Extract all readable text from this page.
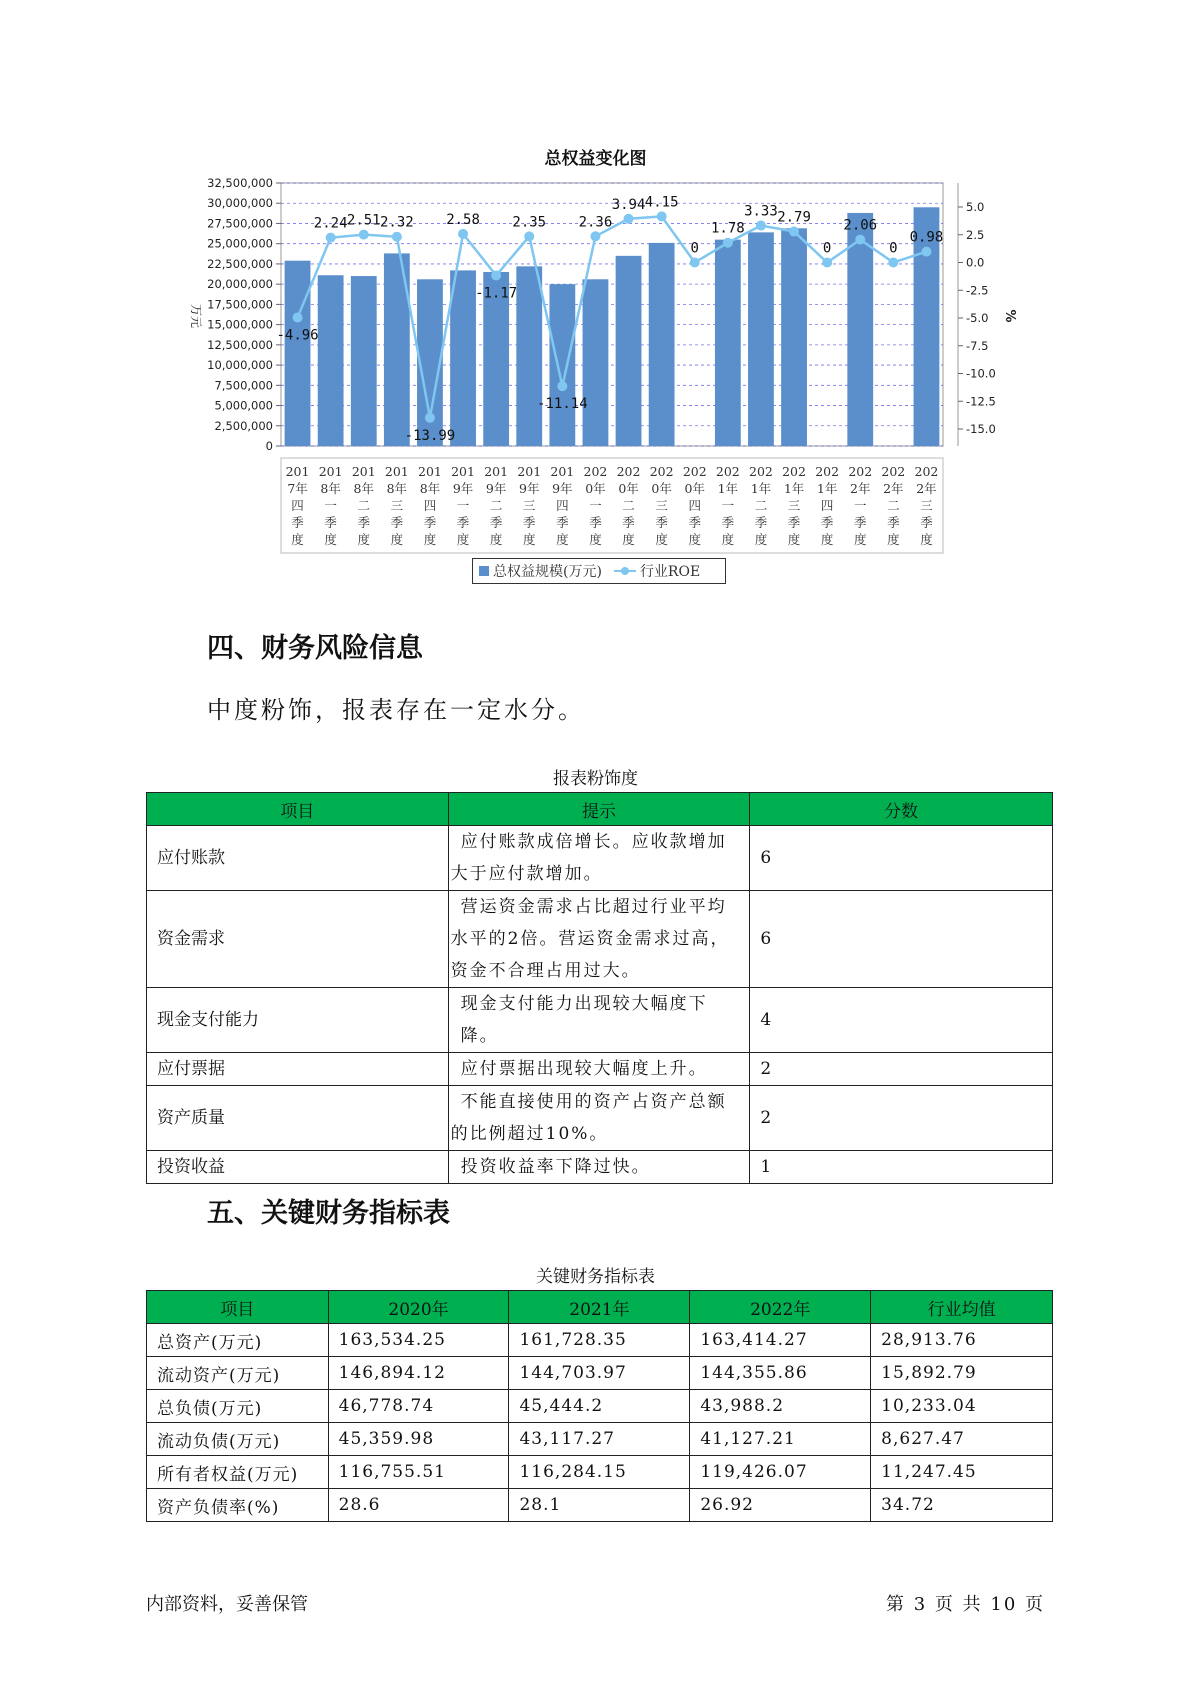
总权益变化图
0
2,500,000
5,000,000
7,500,000
10,000,000
12,500,000
15,000,000
17,500,000
20,000,000
22,500,000
25,000,000
27,500,000
30,000,000
32,500,000
5.0
2.5
0.0
-2.5
-5.0
-7.5
-10.0
-12.5
-15.0
万元	%
-4.96
2.24 2.51 2.32
-13.99
2.58
-1.17
2.35
-11.14
2.36
3.94 4.15
0
1.78
3.33 2.79
0
2.06
0
0.98
201
7年
四
季
度
201
8年
一
季
度
201
8年
二
季
度
201
8年
三
季
度
201
8年
四
季
度
201
9年
一
季
度
201
9年
二
季
度
201
9年
三
季
度
201
9年
四
季
度
202
0年
一
季
度
202
0年
二
季
度
202
0年
三
季
度
202
0年
四
季
度
202
1年
一
季
度
202
1年
二
季
度
202
1年
三
季
度
202
1年
四
季
度
202
2年
一
季
度
202
2年
二
季
度
202
2年
三
季
度
总权益规模(万元)	行业ROE
四、财务风险信息
中度粉饰，报表存在一定水分。
报表粉饰度
项目	提示	分数
应付账款	应付账款成倍增长。应收款增加
大于应付款增加。	6
资金需求	营运资金需求占比超过行业平均
水平的2倍。营运资金需求过高，
资金不合理占用过大。	6
现金支付能力	现金支付能力出现较大幅度下降。	4
应付票据	应付票据出现较大幅度上升。	2
资产质量	不能直接使用的资产占资产总额
的比例超过10%。	2
投资收益	投资收益率下降过快。	1
五、关键财务指标表
关键财务指标表
项目	2020年	2021年	2022年	行业均值
总资产(万元)	163,534.25	161,728.35	163,414.27	28,913.76
流动资产(万元)	146,894.12	144,703.97	144,355.86	15,892.79
总负债(万元)	46,778.74	45,444.2	43,988.2	10,233.04
流动负债(万元)	45,359.98	43,117.27	41,127.21	8,627.47
所有者权益(万元)	116,755.51	116,284.15	119,426.07	11,247.45
资产负债率(%)	28.6	28.1	26.92	34.72
内部资料，妥善保管	第 3 页 共 10 页
